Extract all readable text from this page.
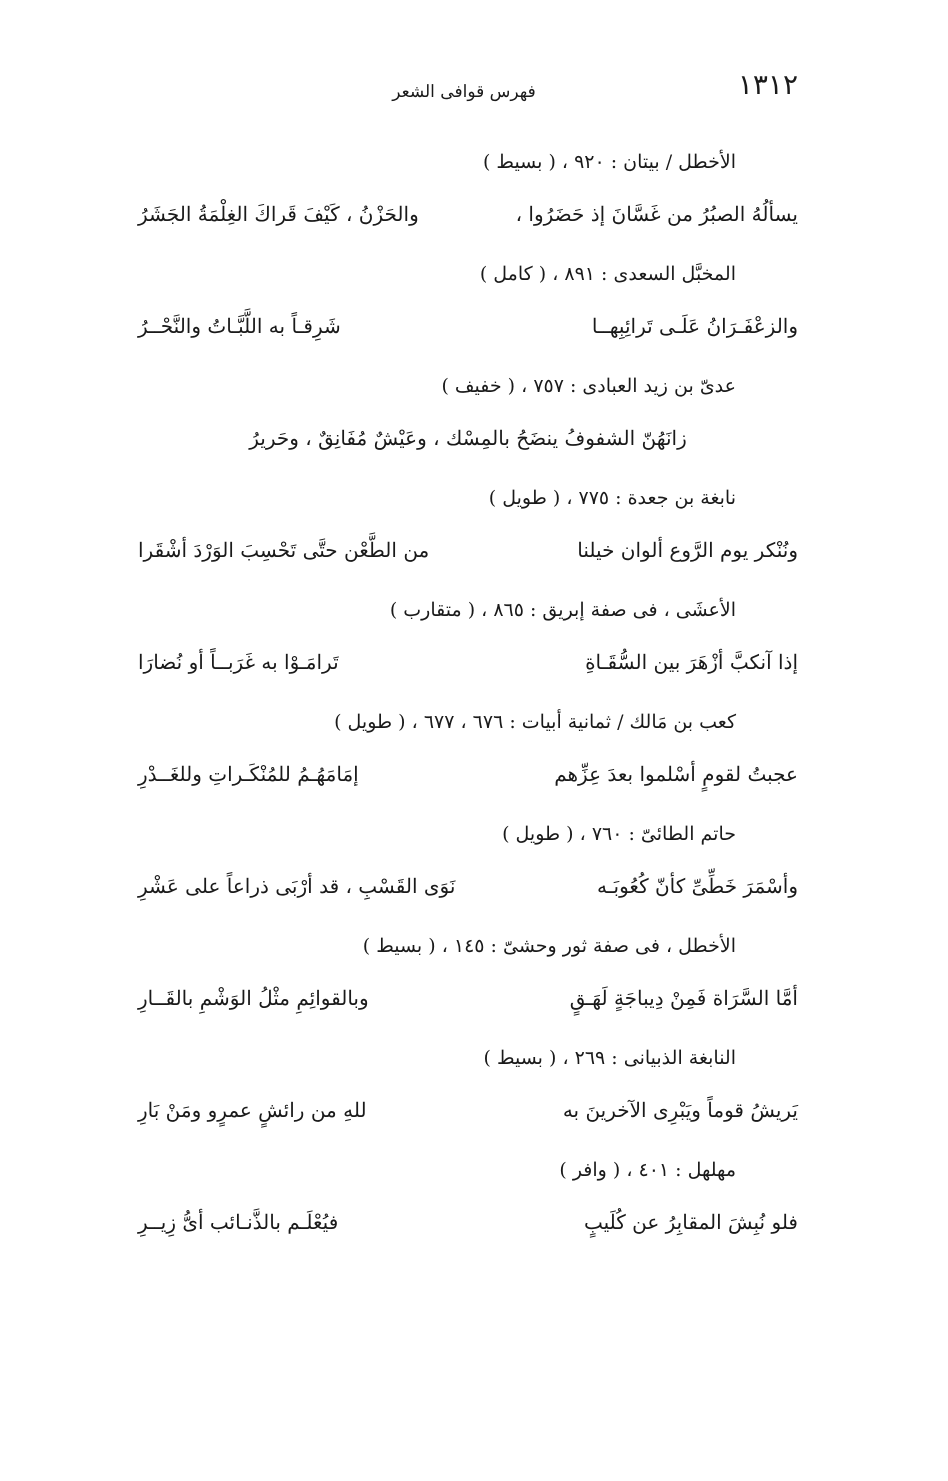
١٣١٢
فهرس قوافى الشعر
الأخطل / بيتان : ٩٢٠ ، ( بسيط )
يسألُهُ الصبُرُ من غَسَّانَ إذ حَضَرُوا ،
والحَزْنُ ، كَيْفَ قَراكَ الغِلْمَةُ الجَشَرُ
المخبَّل السعدى : ٨٩١ ، ( كامل )
والزعْفَـرَانُ عَلَـى تَرائِبِهــا
شَرِقـاً به اللَّبَّـاتُ والنَّحْــرُ
عدىّ بن زيد العبادى : ٧٥٧ ، ( خفيف )
زانَهُنّ الشفوفُ ينضَحُ بالمِسْك ، وعَيْشٌ مُفَانِقٌ ، وحَريرُ
نابغة بن جعدة : ٧٧٥ ، ( طويل )
ونُنْكر يوم الرَّوع ألوان خيلنا
من الطَّعْن حتَّى تَحْسِبَ الوَرْدَ أشْقَرا
الأعشَى ، فى صفة إبريق : ٨٦٥ ، ( متقارب )
إذا آنكبَّ أزْهَرَ بين السُّقَـاةِ
تَرامَـوْا به غَرَبــاً أو نُضارَا
كعب بن مَالك / ثمانية أبيات : ٦٧٦ ، ٦٧٧ ، ( طويل )
عجبتُ لقومٍ أسْلموا بعدَ عِزِّهم
إمَامَهُـمُ للمُنْكَـراتِ وللغَــدْرِ
حاتم الطائىّ : ٧٦٠ ، ( طويل )
وأسْمَرَ خَطِّىِّ كأنّ كُعُوبَـه
نَوَى القَسْبِ ، قد أرْبَى ذراعاً على عَشْرِ
الأخطل ، فى صفة ثور وحشىّ : ١٤٥ ، ( بسيط )
أمَّا السَّرَاة فَمِنْ دِيباجَةٍ لَهَـقٍ
وبالقوائِمِ مثْلُ الوَشْمِ بالقَــارِ
النابغة الذبيانى : ٢٦٩ ، ( بسيط )
يَريشُ قوماً ويَبْرِى الآخرينَ به
للهِ من رائشٍ عمرٍو ومَنْ بَارِ
مهلهل : ٤٠١ ، ( وافر )
فلو نُبِشَ المقابِرُ عن كُلَيبٍ
فيُعْلَـم بالذَّنـائب أىُّ زِيــرِ
